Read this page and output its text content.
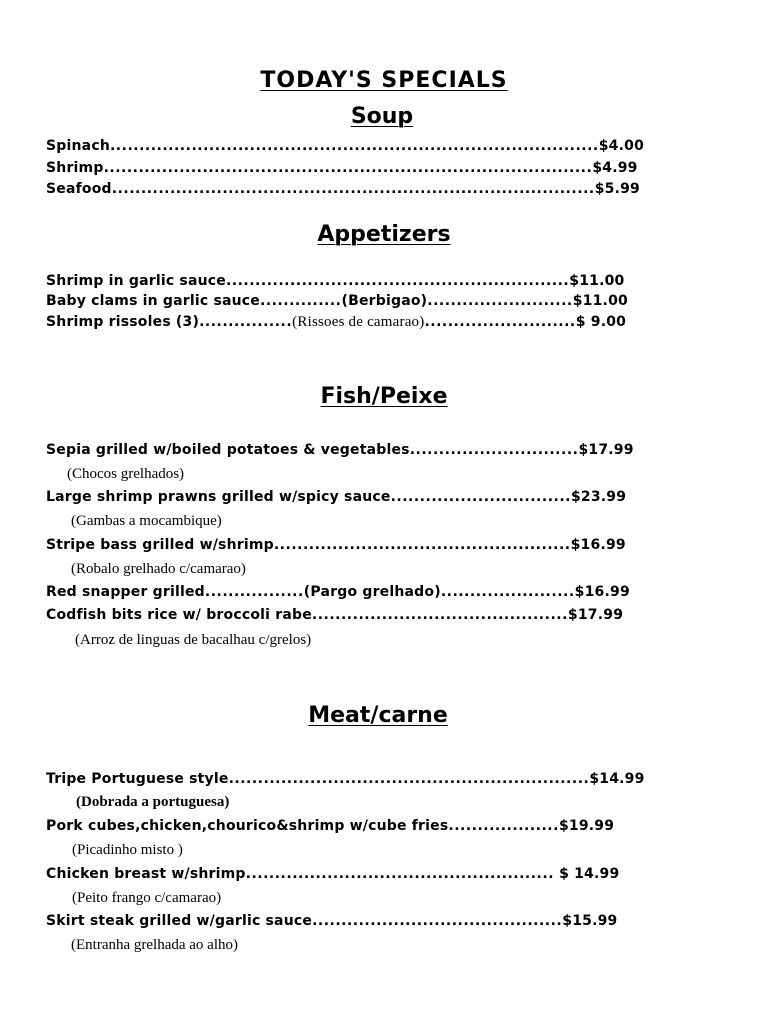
TODAY'S SPECIALS
Soup
Spinach....................................................................................$4.00
Shrimp....................................................................................$4.99
Seafood...................................................................................$5.99
Appetizers
Shrimp in garlic sauce...........................................................$11.00
Baby clams in garlic sauce..............(Berbigao).........................$11.00
Shrimp rissoles (3)................(Rissoes de camarao)..........................$ 9.00
Fish/Peixe
Sepia grilled w/boiled potatoes & vegetables.............................$17.99
(Chocos grelhados)
Large shrimp prawns grilled w/spicy sauce...............................$23.99
(Gambas a mocambique)
Stripe bass grilled w/shrimp...................................................$16.99
(Robalo grelhado c/camarao)
Red snapper grilled.................(Pargo grelhado).......................$16.99
Codfish bits rice w/ broccoli rabe............................................$17.99
(Arroz de linguas de bacalhau c/grelos)
Meat/carne
Tripe Portuguese style..............................................................$14.99
(Dobrada a portuguesa)
Pork cubes,chicken,chourico&shrimp w/cube fries...................$19.99
(Picadinho misto )
Chicken breast w/shrimp..................................................... $ 14.99
(Peito frango c/camarao)
Skirt steak grilled w/garlic sauce...........................................$15.99
(Entranha grelhada ao alho)
